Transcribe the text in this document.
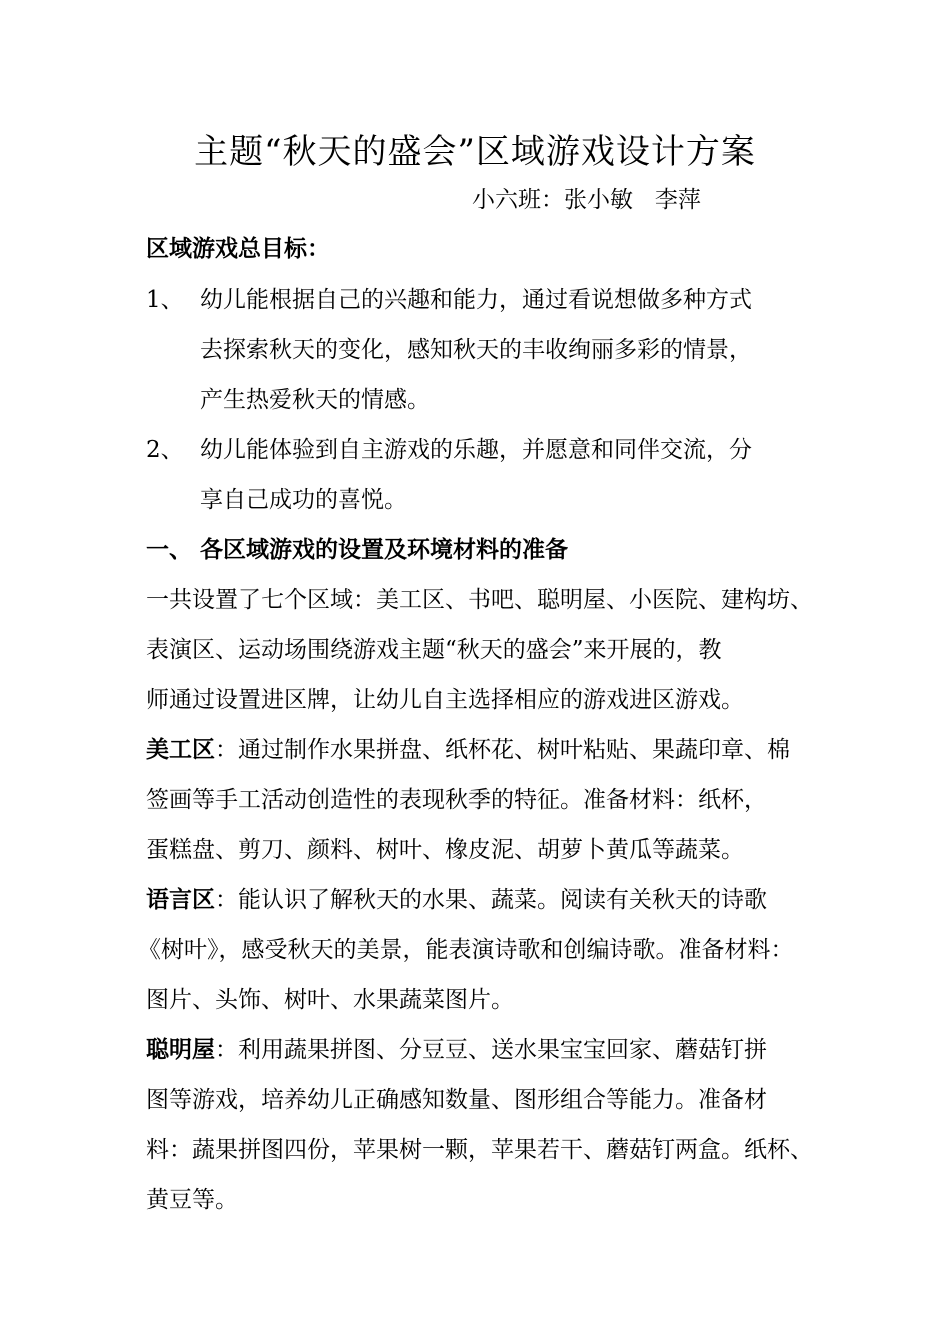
主题“秋天的盛会”区域游戏设计方案
小六班：张小敏   李萍
区域游戏总目标：
1、 幼儿能根据自己的兴趣和能力，通过看说想做多种方式
去探索秋天的变化，感知秋天的丰收绚丽多彩的情景，
产生热爱秋天的情感。
2、 幼儿能体验到自主游戏的乐趣，并愿意和同伴交流，分
享自己成功的喜悦。
一、 各区域游戏的设置及环境材料的准备
一共设置了七个区域：美工区、书吧、聪明屋、小医院、建构坊、
表演区、运动场围绕游戏主题“秋天的盛会”来开展的，教
师通过设置进区牌，让幼儿自主选择相应的游戏进区游戏。
美工区：通过制作水果拼盘、纸杯花、树叶粘贴、果蔬印章、棉
签画等手工活动创造性的表现秋季的特征。准备材料：纸杯，
蛋糕盘、剪刀、颜料、树叶、橡皮泥、胡萝卜黄瓜等蔬菜。
语言区：能认识了解秋天的水果、蔬菜。阅读有关秋天的诗歌
《树叶》，感受秋天的美景，能表演诗歌和创编诗歌。准备材料：
图片、头饰、树叶、水果蔬菜图片。
聪明屋：利用蔬果拼图、分豆豆、送水果宝宝回家、蘑菇钉拼
图等游戏，培养幼儿正确感知数量、图形组合等能力。准备材
料：蔬果拼图四份，苹果树一颗，苹果若干、蘑菇钉两盒。纸杯、
黄豆等。
